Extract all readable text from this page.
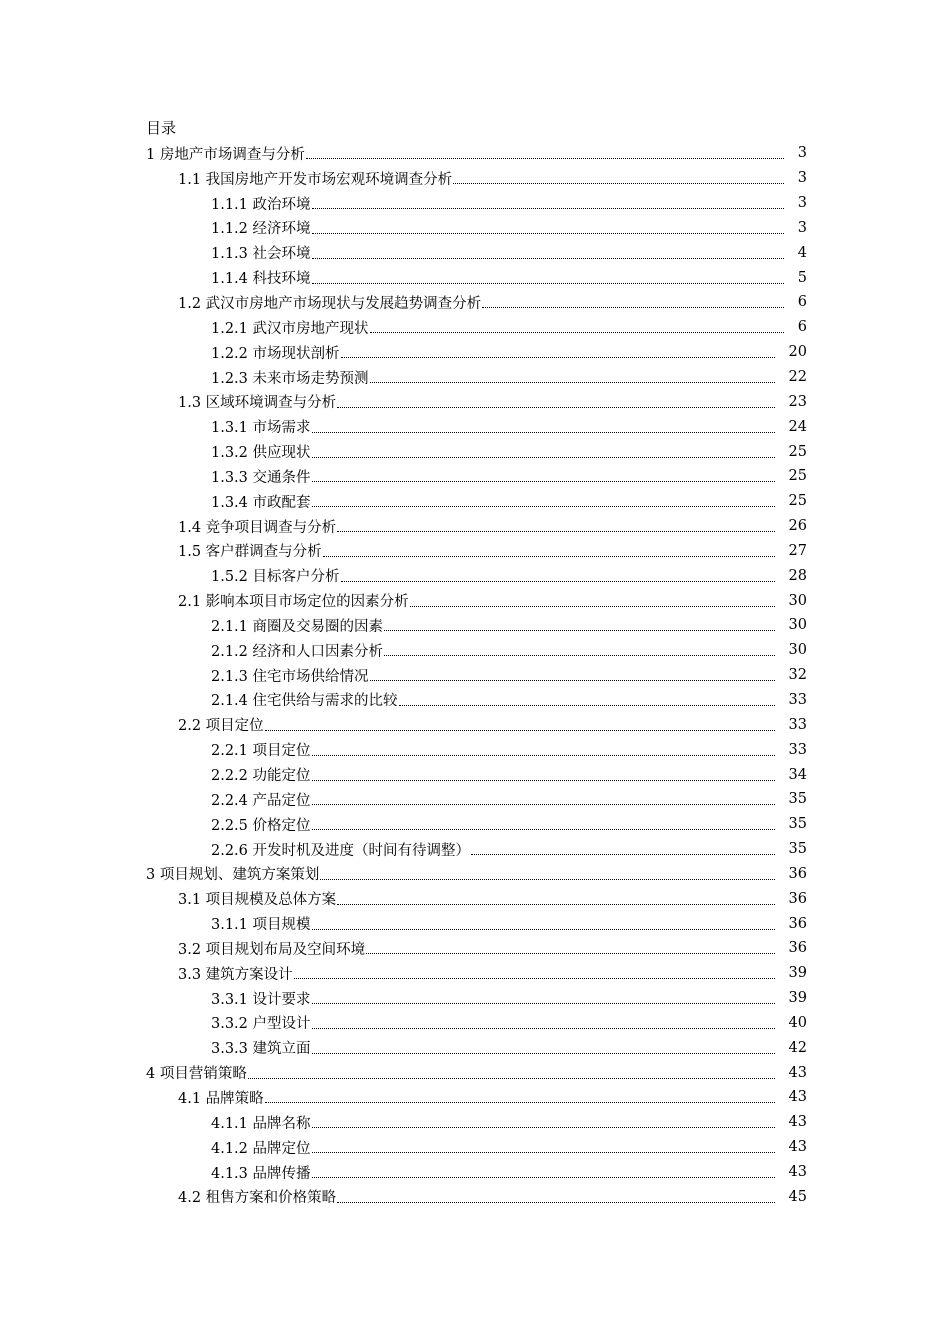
目录
1 房地产市场调查与分析	3
1.1 我国房地产开发市场宏观环境调查分析	3
1.1.1 政治环境	3
1.1.2 经济环境	3
1.1.3 社会环境	4
1.1.4 科技环境	5
1.2 武汉市房地产市场现状与发展趋势调查分析	6
1.2.1 武汉市房地产现状	6
1.2.2 市场现状剖析	20
1.2.3 未来市场走势预测	22
1.3 区域环境调查与分析	23
1.3.1 市场需求	24
1.3.2 供应现状	25
1.3.3 交通条件	25
1.3.4 市政配套	25
1.4 竞争项目调查与分析	26
1.5 客户群调查与分析	27
1.5.2 目标客户分析	28
2.1 影响本项目市场定位的因素分析	30
2.1.1 商圈及交易圈的因素	30
2.1.2 经济和人口因素分析	30
2.1.3 住宅市场供给情况	32
2.1.4 住宅供给与需求的比较	33
2.2 项目定位	33
2.2.1 项目定位	33
2.2.2 功能定位	34
2.2.4 产品定位	35
2.2.5 价格定位	35
2.2.6 开发时机及进度（时间有待调整）	35
3 项目规划、建筑方案策划	36
3.1 项目规模及总体方案	36
3.1.1 项目规模	36
3.2 项目规划布局及空间环境	36
3.3 建筑方案设计	39
3.3.1 设计要求	39
3.3.2 户型设计	40
3.3.3 建筑立面	42
4 项目营销策略	43
4.1 品牌策略	43
4.1.1 品牌名称	43
4.1.2 品牌定位	43
4.1.3 品牌传播	43
4.2 租售方案和价格策略	45
